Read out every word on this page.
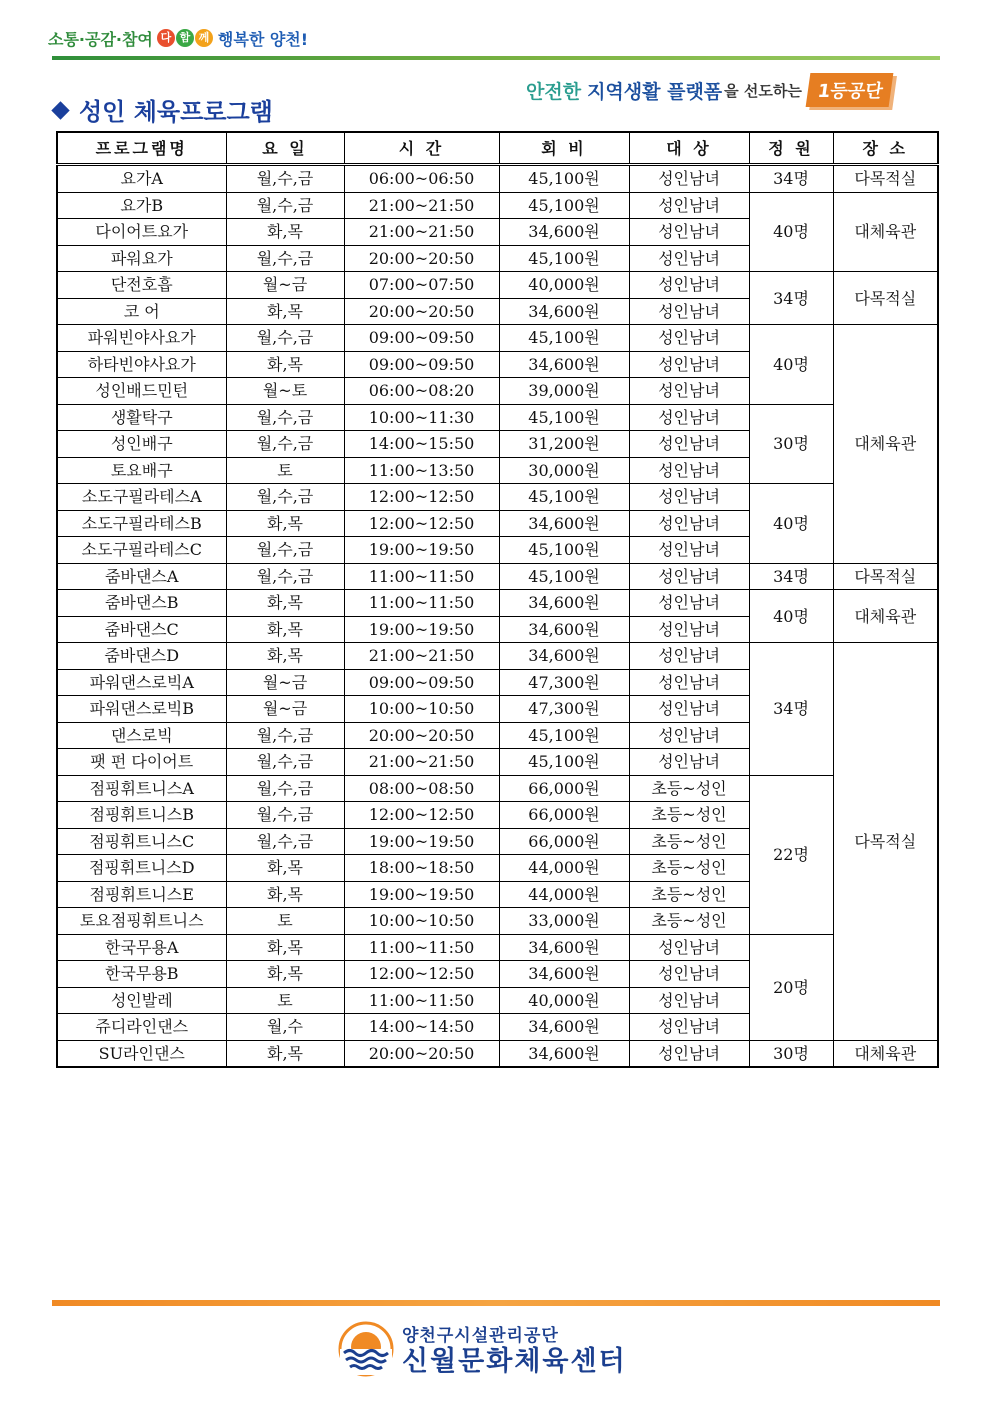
소통·공감·참여 다 함 께 행복한 양천!
안전한 지역생활 플랫폼 을 선도하는 1등공단
성인 체육프로그램
프로그램명	요 일	시 간	회 비	대 상	정 원	장 소
요가A	월,수,금	06:00~06:50	45,100원	성인남녀	34명	다목적실
요가B	월,수,금	21:00~21:50	45,100원	성인남녀	40명	대체육관
다이어트요가	화,목	21:00~21:50	34,600원	성인남녀		
파워요가	월,수,금	20:00~20:50	45,100원	성인남녀		
단전호흡	월~금	07:00~07:50	40,000원	성인남녀	34명	다목적실
코 어	화,목	20:00~20:50	34,600원	성인남녀		
파워빈야사요가	월,수,금	09:00~09:50	45,100원	성인남녀	40명	대체육관
하타빈야사요가	화,목	09:00~09:50	34,600원	성인남녀		
성인배드민턴	월~토	06:00~08:20	39,000원	성인남녀		
생활탁구	월,수,금	10:00~11:30	45,100원	성인남녀	30명	
성인배구	월,수,금	14:00~15:50	31,200원	성인남녀		
토요배구	토	11:00~13:50	30,000원	성인남녀		
소도구필라테스A	월,수,금	12:00~12:50	45,100원	성인남녀	40명	
소도구필라테스B	화,목	12:00~12:50	34,600원	성인남녀		
소도구필라테스C	월,수,금	19:00~19:50	45,100원	성인남녀		
줌바댄스A	월,수,금	11:00~11:50	45,100원	성인남녀	34명	다목적실
줌바댄스B	화,목	11:00~11:50	34,600원	성인남녀	40명	대체육관
줌바댄스C	화,목	19:00~19:50	34,600원	성인남녀		
줌바댄스D	화,목	21:00~21:50	34,600원	성인남녀	34명	다목적실
파워댄스로빅A	월~금	09:00~09:50	47,300원	성인남녀		
파워댄스로빅B	월~금	10:00~10:50	47,300원	성인남녀		
댄스로빅	월,수,금	20:00~20:50	45,100원	성인남녀		
팻 펀 다이어트	월,수,금	21:00~21:50	45,100원	성인남녀		
점핑휘트니스A	월,수,금	08:00~08:50	66,000원	초등~성인	22명	
점핑휘트니스B	월,수,금	12:00~12:50	66,000원	초등~성인		
점핑휘트니스C	월,수,금	19:00~19:50	66,000원	초등~성인		
점핑휘트니스D	화,목	18:00~18:50	44,000원	초등~성인		
점핑휘트니스E	화,목	19:00~19:50	44,000원	초등~성인		
토요점핑휘트니스	토	10:00~10:50	33,000원	초등~성인		
한국무용A	화,목	11:00~11:50	34,600원	성인남녀	20명	
한국무용B	화,목	12:00~12:50	34,600원	성인남녀		
성인발레	토	11:00~11:50	40,000원	성인남녀		
쥬디라인댄스	월,수	14:00~14:50	34,600원	성인남녀		
SU라인댄스	화,목	20:00~20:50	34,600원	성인남녀	30명	대체육관
양천구시설관리공단
신월문화체육센터
